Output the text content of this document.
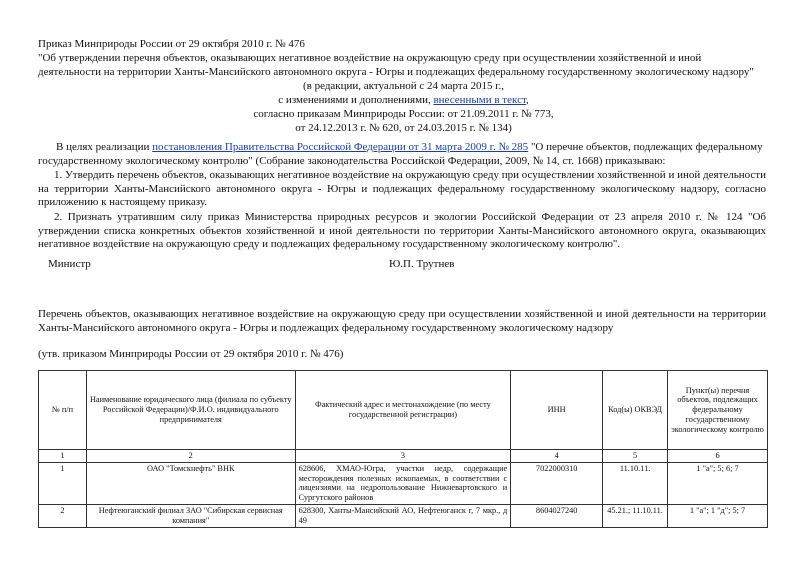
Приказ Минприроды России от 29 октября 2010 г. № 476
"Об утверждении перечня объектов, оказывающих негативное воздействие на окружающую среду при осуществлении хозяйственной и иной
деятельности на территории Ханты-Мансийского автономного округа - Югры и подлежащих федеральному государственному экологическому надзору"
(в редакции, актуальной с 24 марта 2015 г.,
с изменениями и дополнениями, внесенными в текст,
согласно приказам Минприроды России: от 21.09.2011 г. № 773,
от 24.12.2013 г. № 620, от 24.03.2015 г. № 134)
В целях реализации постановления Правительства Российской Федерации от 31 марта 2009 г. № 285 "О перечне объектов, подлежащих федеральному
государственному экологическому контролю" (Собрание законодательства Российской Федерации, 2009, № 14, ст. 1668) приказываю:
1. Утвердить перечень объектов, оказывающих негативное воздействие на окружающую среду при осуществлении хозяйственной и иной деятельности на территории Ханты-Мансийского автономного округа - Югры и подлежащих федеральному государственному экологическому надзору, согласно приложению к настоящему приказу.
2. Признать утратившим силу приказ Министерства природных ресурсов и экологии Российской Федерации от 23 апреля 2010 г. № 124 "Об утверждении списка конкретных объектов хозяйственной и иной деятельности по территории Ханты-Мансийского автономного округа, оказывающих негативное воздействие на окружающую среду и подлежащих федеральному государственному экологическому контролю".
Министр	Ю.П. Трутнев
Перечень объектов, оказывающих негативное воздействие на окружающую среду при осуществлении хозяйственной и иной деятельности на территории Ханты-Мансийского автономного округа - Югры и подлежащих федеральному государственному экологическому надзору
(утв. приказом Минприроды России от 29 октября 2010 г. № 476)
№ п/п	Наименование юридического лица (филиала по субъекту Российской Федерации)/Ф.И.О. индивидуального предпринимателя	Фактический адрес и местонахождение (по месту государственной регистрации)	ИНН	Код(ы) ОКВЭД	Пункт(ы) перечня объектов, подлежащих федеральному государственному экологическому контролю
1	2	3	4	5	6
1	ОАО "Томскнефть" ВНК	628606, ХМАО-Югра, участки недр, содержащие месторождения полезных ископаемых, в соответствии с лицензиями на недропользование Нижневартовского и Сургутского районов	7022000310	11.10.11.	1 "а"; 5; 6; 7
2	Нефтеюганский филиал ЗАО "Сибирская сервисная компания"	628300, Ханты-Мансийский АО, Нефтеюганск г, 7 мкр., д 49	8604027240	45.21.; 11.10.11.	1 "а"; 1 "д"; 5; 7
